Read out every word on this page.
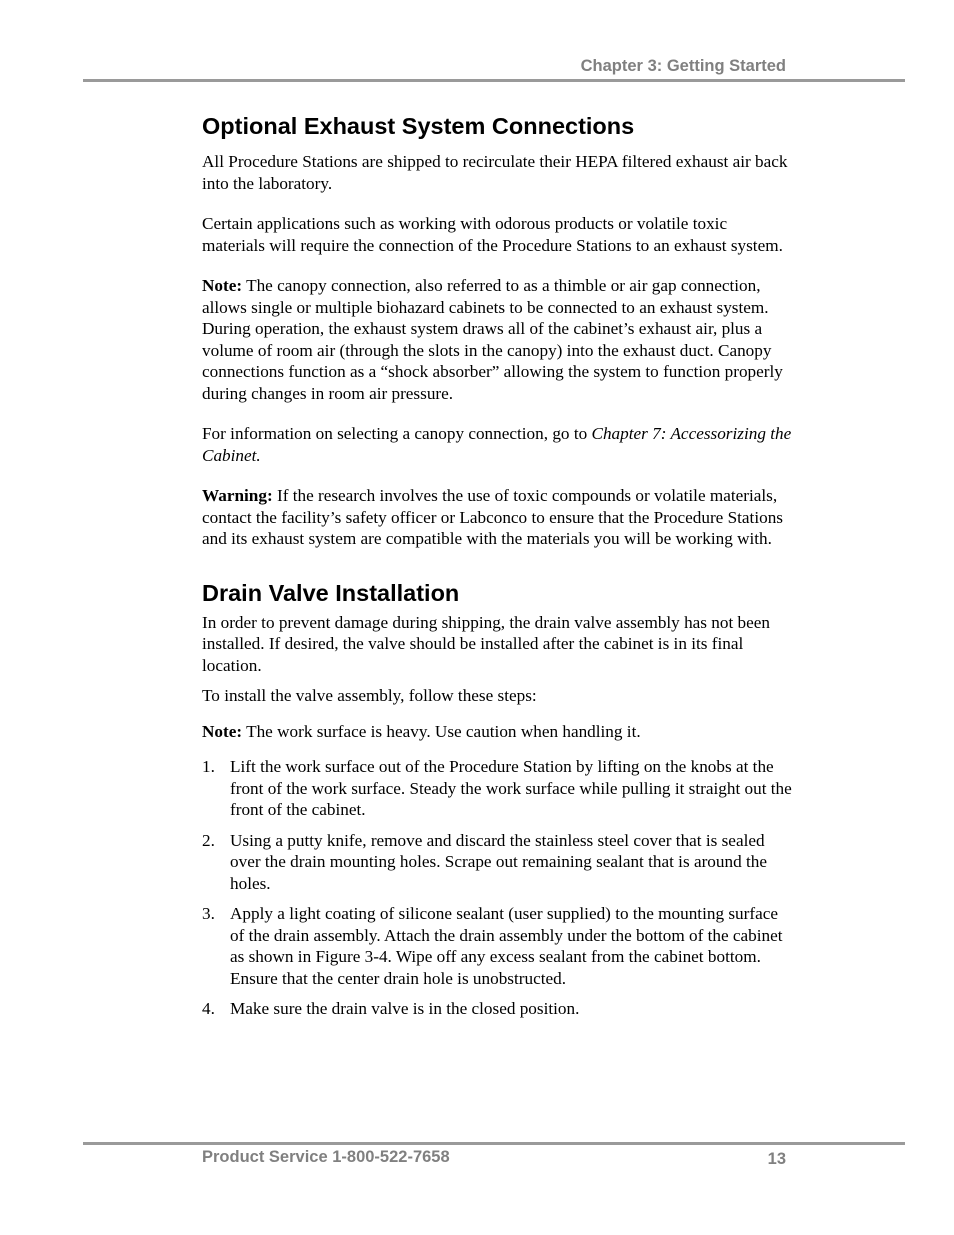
Chapter 3: Getting Started
Optional Exhaust System Connections

All Procedure Stations are shipped to recirculate their HEPA filtered exhaust air back into the laboratory.

Certain applications such as working with odorous products or volatile toxic materials will require the connection of the Procedure Stations to an exhaust system.

Note: The canopy connection, also referred to as a thimble or air gap connection, allows single or multiple biohazard cabinets to be connected to an exhaust system. During operation, the exhaust system draws all of the cabinet’s exhaust air, plus a volume of room air (through the slots in the canopy) into the exhaust duct. Canopy connections function as a “shock absorber” allowing the system to function properly during changes in room air pressure.

For information on selecting a canopy connection, go to Chapter 7: Accessorizing the Cabinet.

Warning: If the research involves the use of toxic compounds or volatile materials, contact the facility’s safety officer or Labconco to ensure that the Procedure Stations and its exhaust system are compatible with the materials you will be working with.

Drain Valve Installation

In order to prevent damage during shipping, the drain valve assembly has not been installed. If desired, the valve should be installed after the cabinet is in its final location.

To install the valve assembly, follow these steps:

Note: The work surface is heavy. Use caution when handling it.

1. Lift the work surface out of the Procedure Station by lifting on the knobs at the front of the work surface. Steady the work surface while pulling it straight out the front of the cabinet.
2. Using a putty knife, remove and discard the stainless steel cover that is sealed over the drain mounting holes. Scrape out remaining sealant that is around the holes.
3. Apply a light coating of silicone sealant (user supplied) to the mounting surface of the drain assembly. Attach the drain assembly under the bottom of the cabinet as shown in Figure 3-4. Wipe off any excess sealant from the cabinet bottom. Ensure that the center drain hole is unobstructed.
4. Make sure the drain valve is in the closed position.
Product Service 1-800-522-7658	13
